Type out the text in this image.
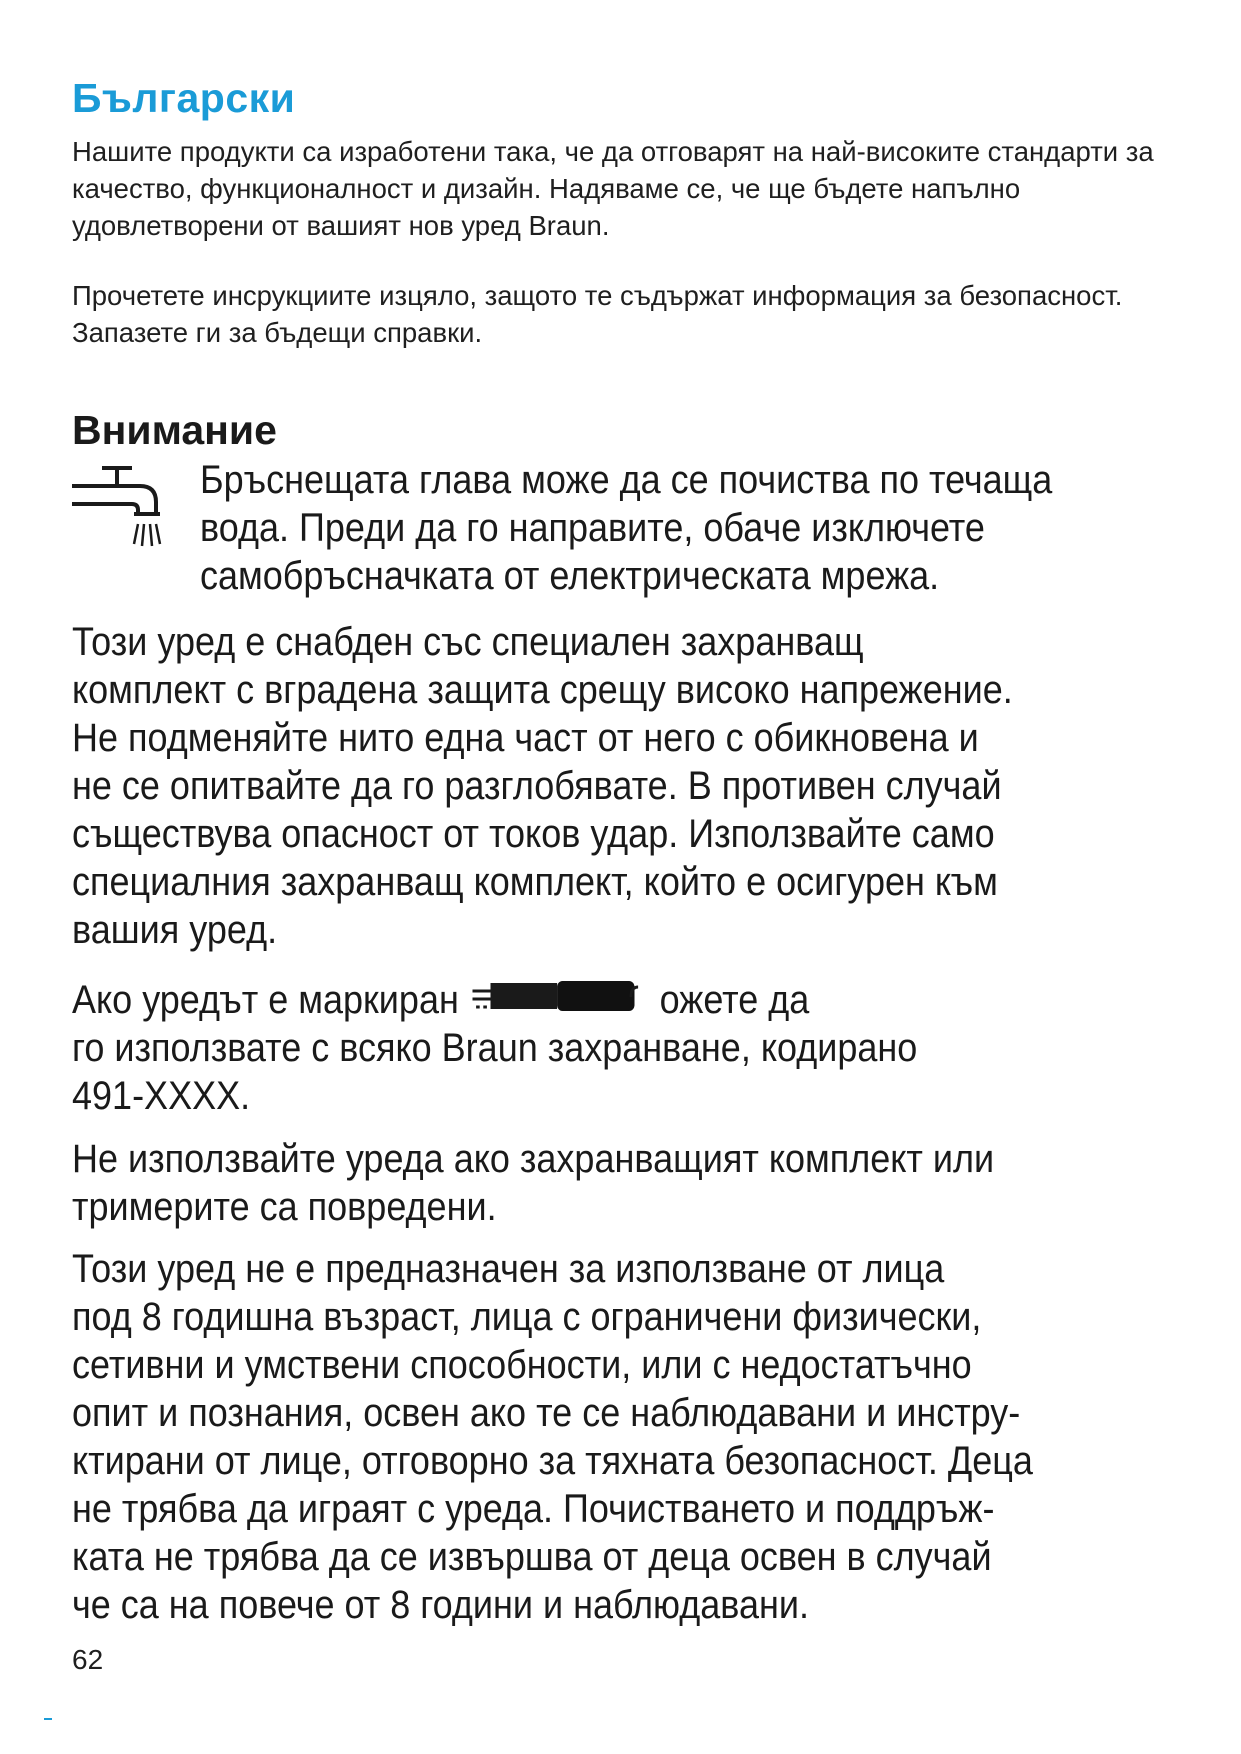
Български

Нашите продукти са изработени така, че да отговарят на най-високите стандарти за качество, функционалност и дизайн. Надяваме се, че ще бъдете напълно удовлетворени от вашият нов уред Braun.

Прочетете инсрукциите изцяло, защото те съдържат информация за безопасност. Запазете ги за бъдещи справки.

Внимание

Бръснещата глава може да се почиства по течаща
вода. Преди да го направите, обаче изключете
самобръсначката от електрическата мрежа.

Този уред е снабден със специален захранващ
комплект с вградена защита срещу високо напрежение.
Не подменяйте нито една част от него с обикновена и
не се опитвайте да го разглобявате. В противен случай
съществува опасност от токов удар. Използвайте само
специалния захранващ комплект, който е осигурен към
вашия уред.

Ако уредът е маркиран	ожете да
го използвате с всяко Braun захранване, кодирано
491-XXXX.

Не използвайте уреда ако захранващият комплект или
тримерите са повредени.

Този уред не е предназначен за използване от лица
под 8 годишна възраст, лица с ограничени физически,
сетивни и умствени способности, или с недостатъчно
опит и познания, освен ако те се наблюдавани и инстру-
ктирани от лице, отговорно за тяхната безопасност. Деца
не трябва да играят с уреда. Почистването и поддръж-
ката не трябва да се извършва от деца освен в случай
че са на повече от 8 години и наблюдавани.

62
